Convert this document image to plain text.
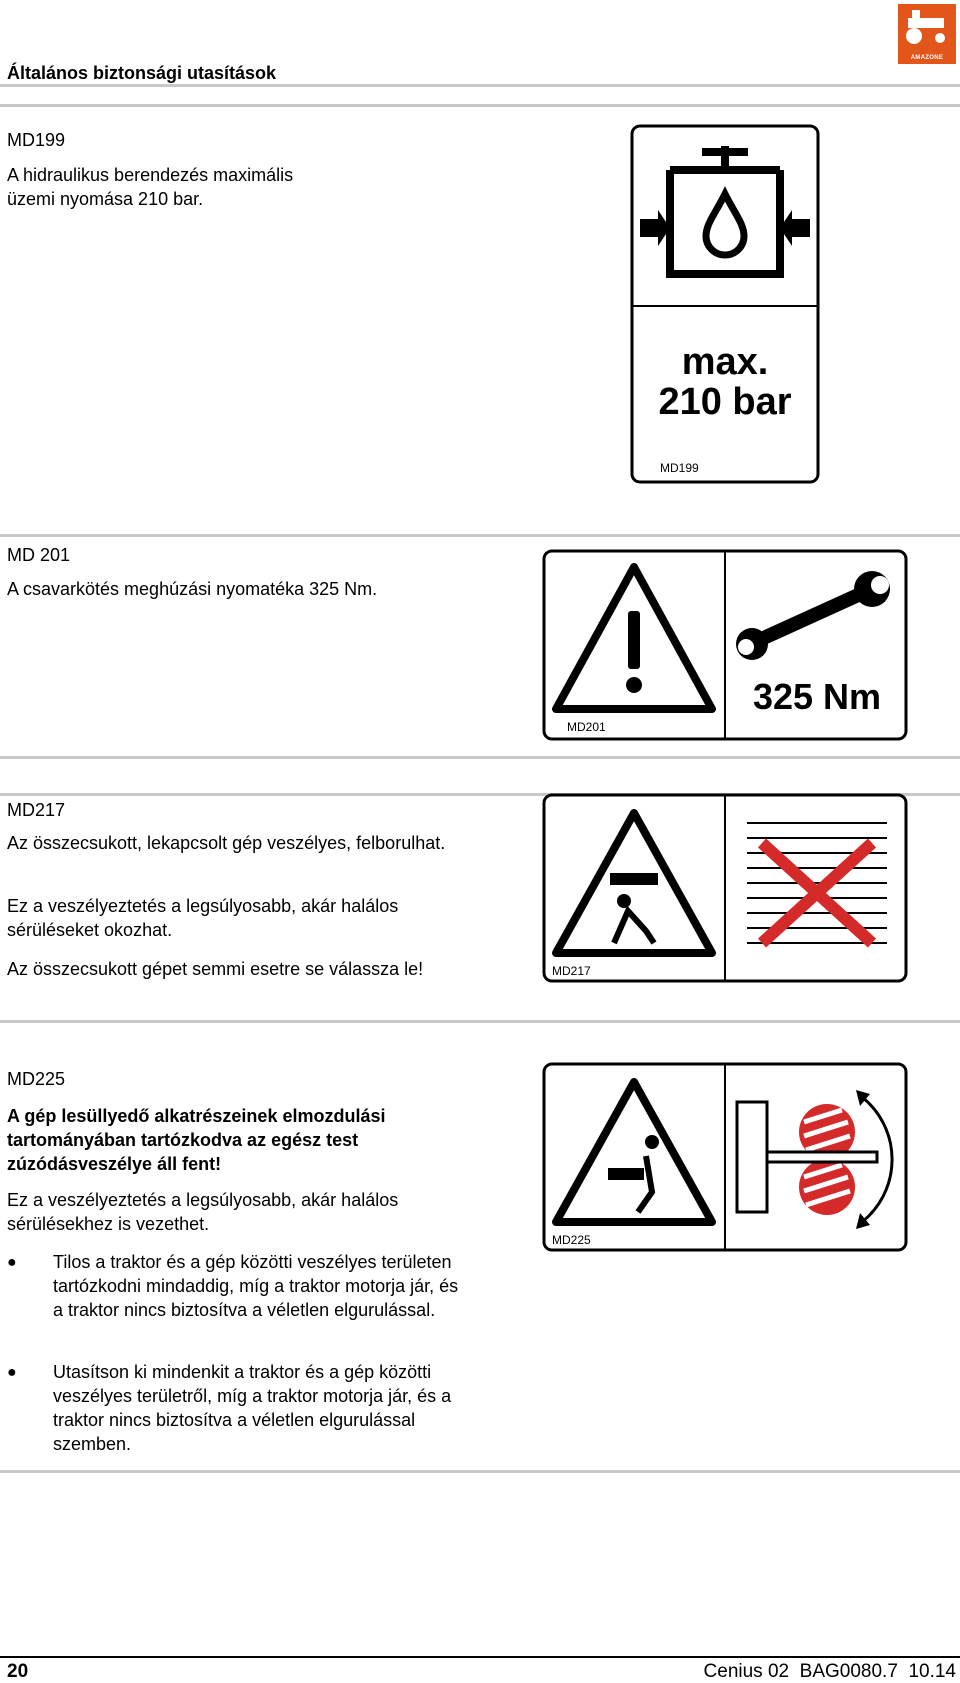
Általános biztonsági utasítások
AMAZONE
MD199
A hidraulikus berendezés maximális üzemi nyomása 210 bar.
max.
210 bar
MD199
MD 201
A csavarkötés meghúzási nyomatéka 325 Nm.
325 Nm
MD201
MD217
Az összecsukott, lekapcsolt gép veszélyes, felborulhat.
Ez a veszélyeztetés a legsúlyosabb, akár halálos sérüléseket okozhat.
Az összecsukott gépet semmi esetre se válassza le!	MD217
MD225
A gép lesüllyedő alkatrészeinek elmozdulási tartományában tartózkodva az egész test zúzódásveszélye áll fent!
Ez a veszélyeztetés a legsúlyosabb, akár halálos sérülésekhez is vezethet.
● Tilos a traktor és a gép közötti veszélyes területen tartózkodni mindaddig, míg a traktor motorja jár, és a traktor nincs biztosítva a véletlen elgurulással.
● Utasítson ki mindenkit a traktor és a gép közötti veszélyes területről, míg a traktor motorja jár, és a traktor nincs biztosítva a véletlen elgurulással szemben.
MD225
20	Cenius 02  BAG0080.7  10.14
